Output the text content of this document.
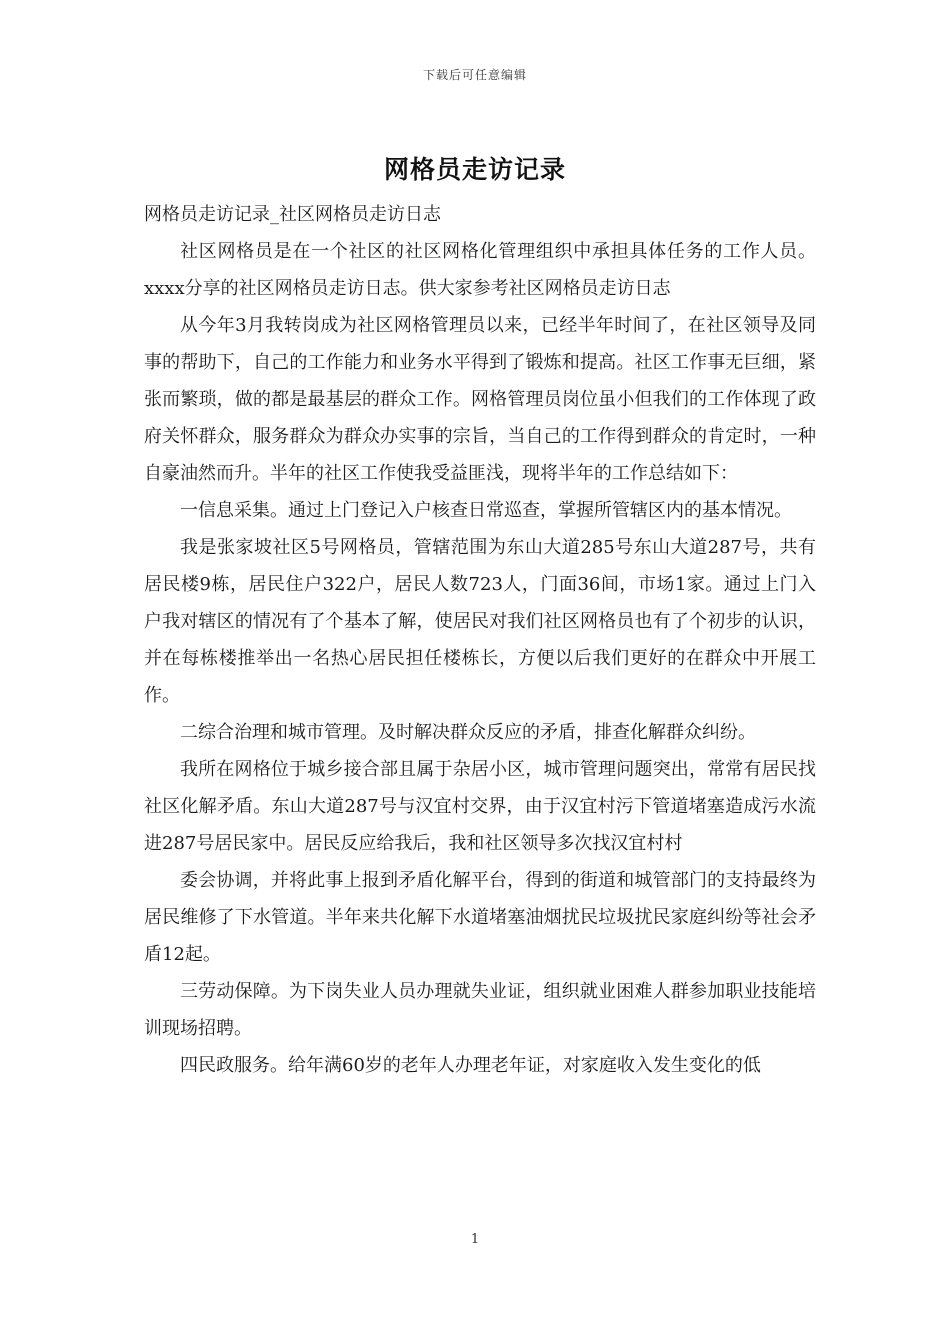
下载后可任意编辑
网格员走访记录

网格员走访记录_社区网格员走访日志

社区网格员是在一个社区的社区网格化管理组织中承担具体任务的工作人员。xxxx分享的社区网格员走访日志。供大家参考社区网格员走访日志

从今年3月我转岗成为社区网格管理员以来，已经半年时间了，在社区领导及同事的帮助下，自己的工作能力和业务水平得到了锻炼和提高。社区工作事无巨细，紧张而繁琐，做的都是最基层的群众工作。网格管理员岗位虽小但我们的工作体现了政府关怀群众，服务群众为群众办实事的宗旨，当自己的工作得到群众的肯定时，一种自豪油然而升。半年的社区工作使我受益匪浅，现将半年的工作总结如下：

一信息采集。通过上门登记入户核查日常巡查，掌握所管辖区内的基本情况。

我是张家坡社区5号网格员，管辖范围为东山大道285号东山大道287号，共有居民楼9栋，居民住户322户，居民人数723人，门面36间，市场1家。通过上门入户我对辖区的情况有了个基本了解，使居民对我们社区网格员也有了个初步的认识，并在每栋楼推举出一名热心居民担任楼栋长，方便以后我们更好的在群众中开展工作。

二综合治理和城市管理。及时解决群众反应的矛盾，排查化解群众纠纷。

我所在网格位于城乡接合部且属于杂居小区，城市管理问题突出，常常有居民找社区化解矛盾。东山大道287号与汉宜村交界，由于汉宜村污下管道堵塞造成污水流进287号居民家中。居民反应给我后，我和社区领导多次找汉宜村村

委会协调，并将此事上报到矛盾化解平台，得到的街道和城管部门的支持最终为居民维修了下水管道。半年来共化解下水道堵塞油烟扰民垃圾扰民家庭纠纷等社会矛盾12起。

三劳动保障。为下岗失业人员办理就失业证，组织就业困难人群参加职业技能培训现场招聘。

四民政服务。给年满60岁的老年人办理老年证，对家庭收入发生变化的低

1
